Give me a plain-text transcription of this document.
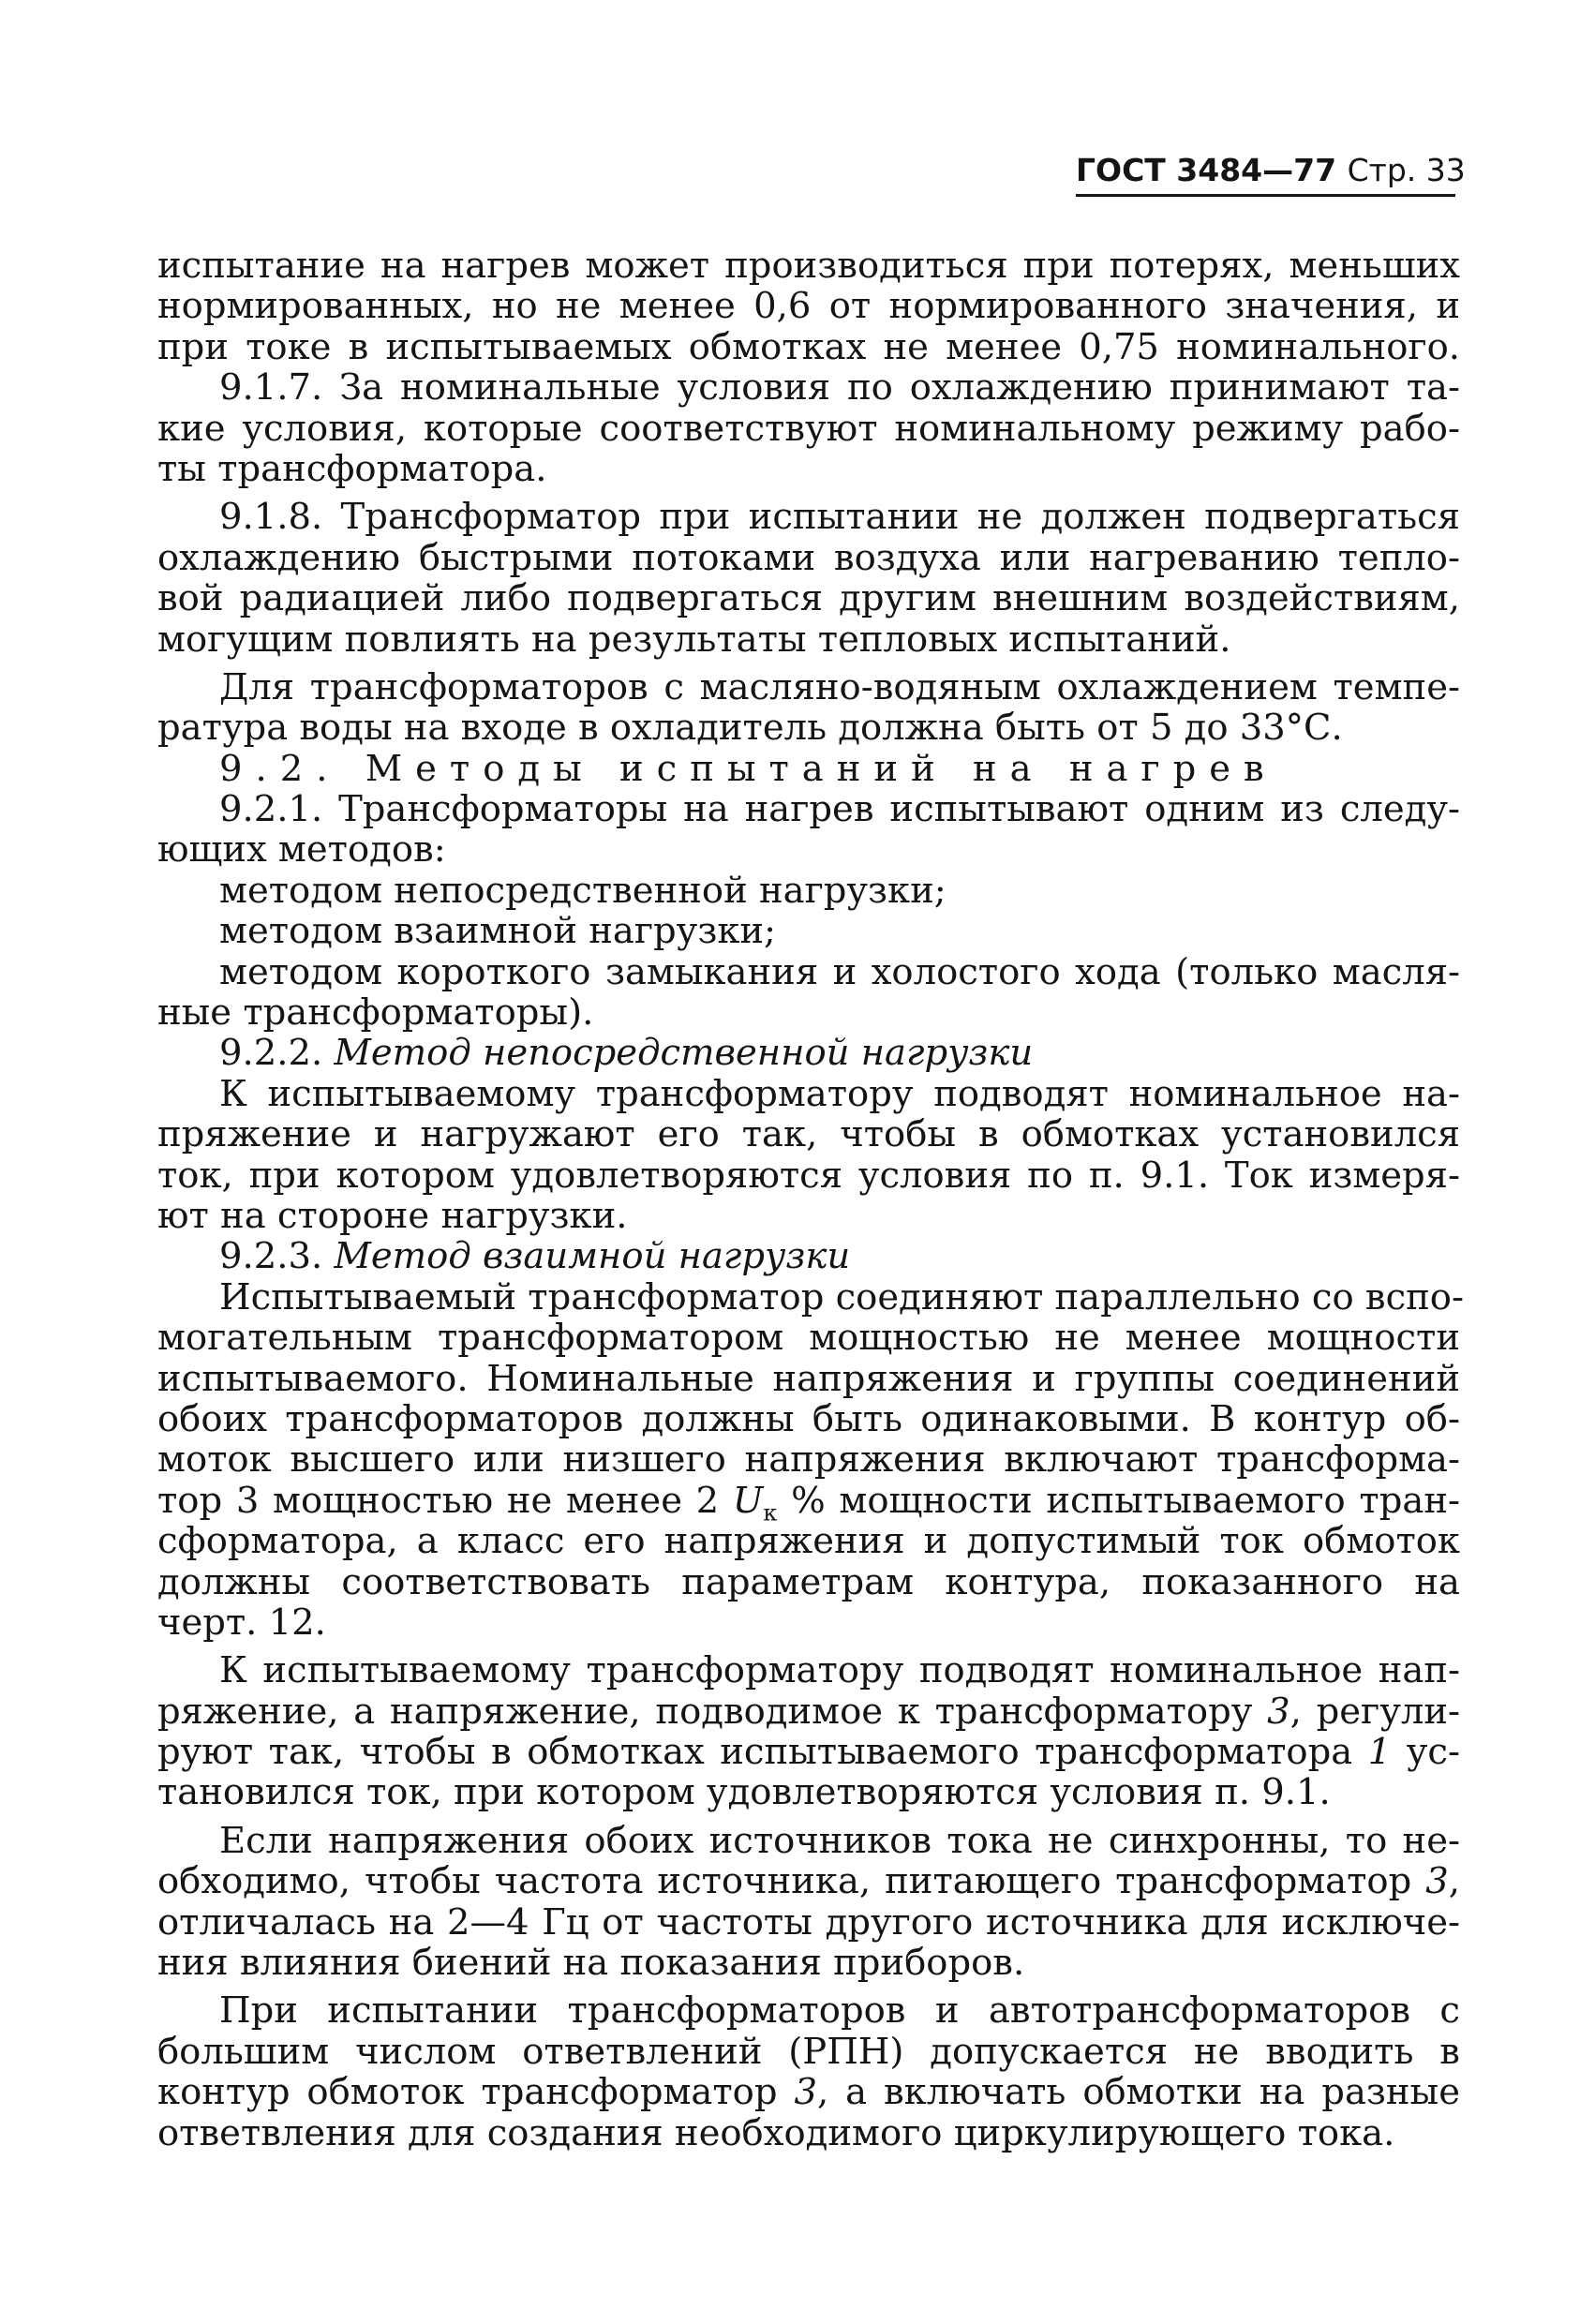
ГОСТ 3484—77 Стр. 33
испытание на нагрев может производиться при потерях, меньших
нормированных, но не менее 0,6 от нормированного значения, и
при токе в испытываемых обмотках не менее 0,75 номинального.
9.1.7. За номинальные условия по охлаждению принимают та-
кие условия, которые соответствуют номинальному режиму рабо-
ты трансформатора.
9.1.8. Трансформатор при испытании не должен подвергаться
охлаждению быстрыми потоками воздуха или нагреванию тепло-
вой радиацией либо подвергаться другим внешним воздействиям,
могущим повлиять на результаты тепловых испытаний.
Для трансформаторов с масляно-водяным охлаждением темпе-
ратура воды на входе в охладитель должна быть от 5 до 33°С.
9.2. Методы испытаний на нагрев
9.2.1. Трансформаторы на нагрев испытывают одним из следу-
ющих методов:
методом непосредственной нагрузки;
методом взаимной нагрузки;
методом короткого замыкания и холостого хода (только масля-
ные трансформаторы).
9.2.2. Метод непосредственной нагрузки
К испытываемому трансформатору подводят номинальное на-
пряжение и нагружают его так, чтобы в обмотках установился
ток, при котором удовлетворяются условия по п. 9.1. Ток измеря-
ют на стороне нагрузки.
9.2.3. Метод взаимной нагрузки
Испытываемый трансформатор соединяют параллельно со вспо-
могательным трансформатором мощностью не менее мощности
испытываемого. Номинальные напряжения и группы соединений
обоих трансформаторов должны быть одинаковыми. В контур об-
моток высшего или низшего напряжения включают трансформа-
тор 3 мощностью не менее 2 $U_к$ % мощности испытываемого тран-
сформатора, а класс его напряжения и допустимый ток обмоток
должны соответствовать параметрам контура, показанного на
черт. 12.
К испытываемому трансформатору подводят номинальное нап-
ряжение, а напряжение, подводимое к трансформатору 3, регули-
руют так, чтобы в обмотках испытываемого трансформатора 1 ус-
тановился ток, при котором удовлетворяются условия п. 9.1.
Если напряжения обоих источников тока не синхронны, то не-
обходимо, чтобы частота источника, питающего трансформатор 3,
отличалась на 2—4 Гц от частоты другого источника для исключе-
ния влияния биений на показания приборов.
При испытании трансформаторов и автотрансформаторов с
большим числом ответвлений (РПН) допускается не вводить в
контур обмоток трансформатор 3, а включать обмотки на разные
ответвления для создания необходимого циркулирующего тока.
